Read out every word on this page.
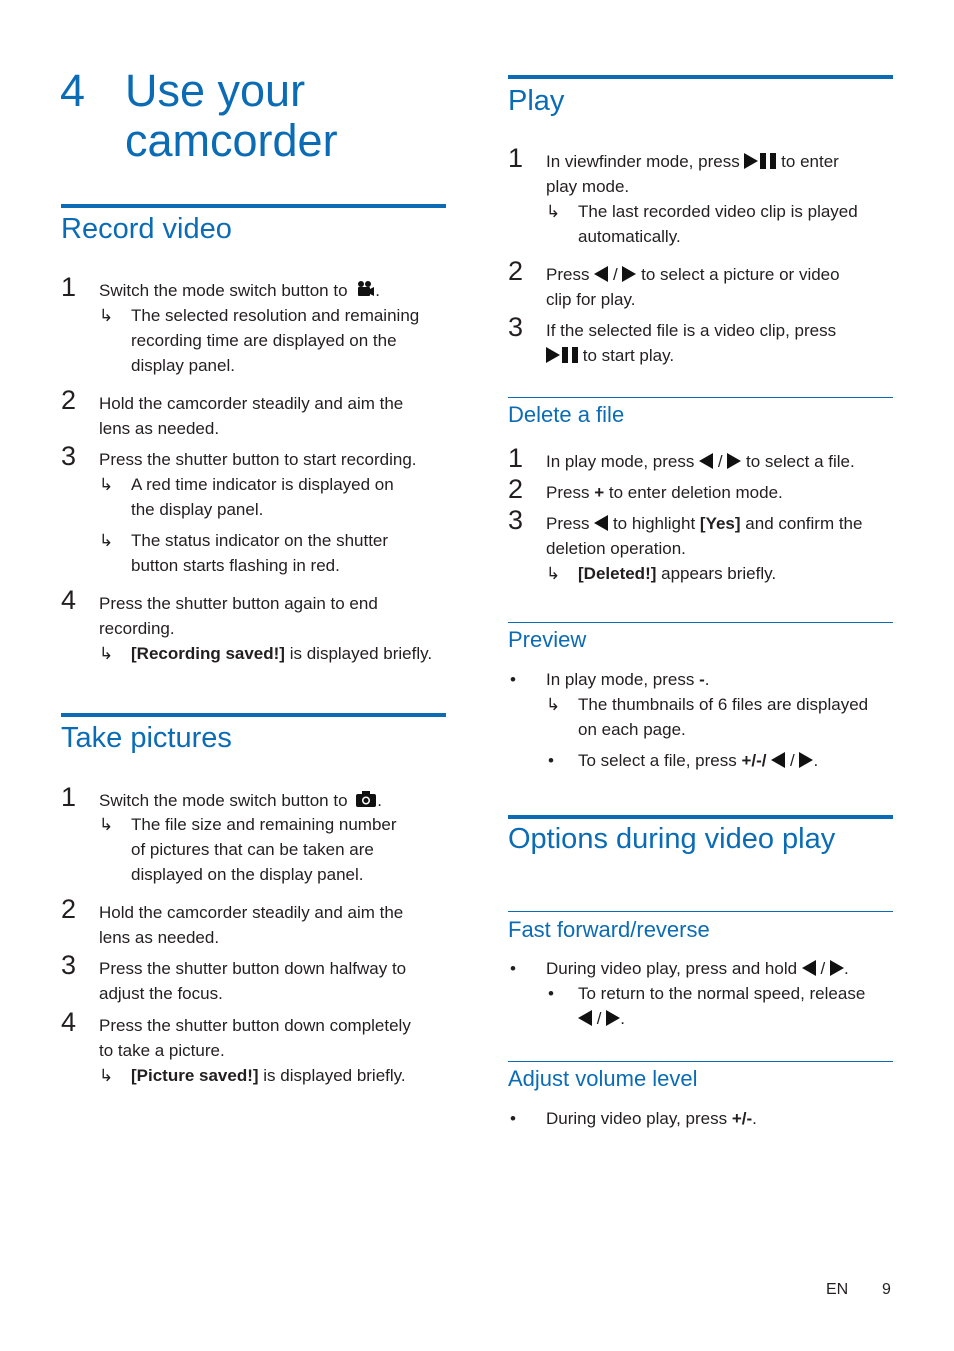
4 Use your
camcorder
Record video
1 Switch the mode switch button to .
↳ The selected resolution and remaining
recording time are displayed on the
display panel.
2 Hold the camcorder steadily and aim the
lens as needed.
3 Press the shutter button to start recording.
↳ A red time indicator is displayed on
the display panel.
↳ The status indicator on the shutter
button starts flashing in red.
4 Press the shutter button again to end
recording.
↳ [Recording saved!] is displayed briefly.
Take pictures
1 Switch the mode switch button to .
↳ The file size and remaining number
of pictures that can be taken are
displayed on the display panel.
2 Hold the camcorder steadily and aim the
lens as needed.
3 Press the shutter button down halfway to
adjust the focus.
4 Press the shutter button down completely
to take a picture.
↳ [Picture saved!] is displayed briefly.
Play
1 In viewfinder mode, press to enter
play mode.
↳ The last recorded video clip is played
automatically.
2 Press / to select a picture or video
clip for play.
3 If the selected file is a video clip, press
to start play.
Delete a file
1 In play mode, press / to select a file.
2 Press + to enter deletion mode.
3 Press to highlight [Yes] and confirm the
deletion operation.
↳ [Deleted!] appears briefly.
Preview
• In play mode, press -.
↳ The thumbnails of 6 files are displayed
on each page.
• To select a file, press +/-/ / .
Options during video play
Fast forward/reverse
• During video play, press and hold / .
• To return to the normal speed, release
/ .
Adjust volume level
• During video play, press +/-.
EN 9
